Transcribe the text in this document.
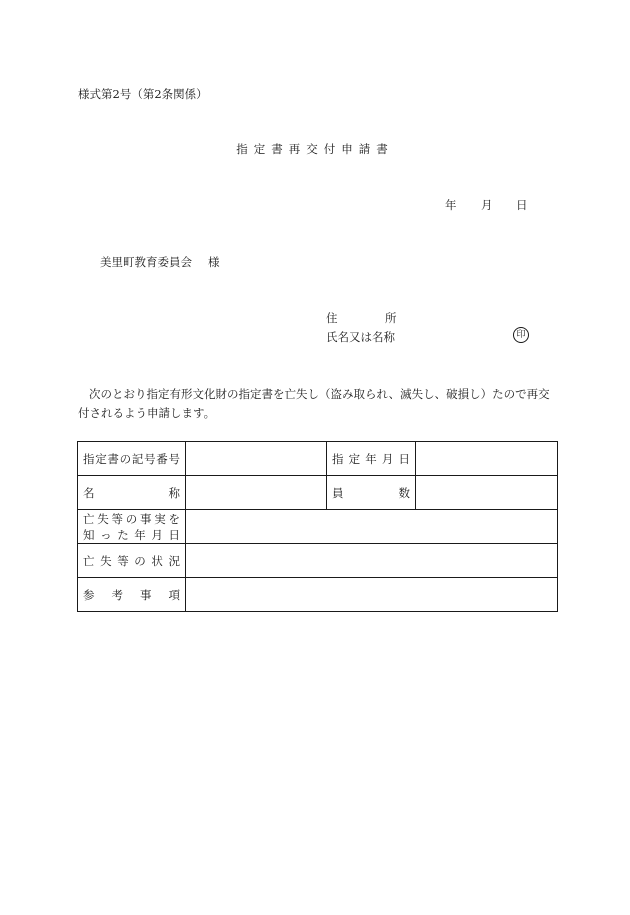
様式第2号（第2条関係）
指定書再交付申請書
年 月 日
美里町教育委員会 様
住	所
氏名又は名称	印
次のとおり指定有形文化財の指定書を亡失し（盗み取られ、滅失し、破損し）たので再交付されるよう申請します。
指定書の記号番号		指定年月日	
名称		員数	

亡失等の事実を
知った年月日			

亡失等の状況			
参考事項			
